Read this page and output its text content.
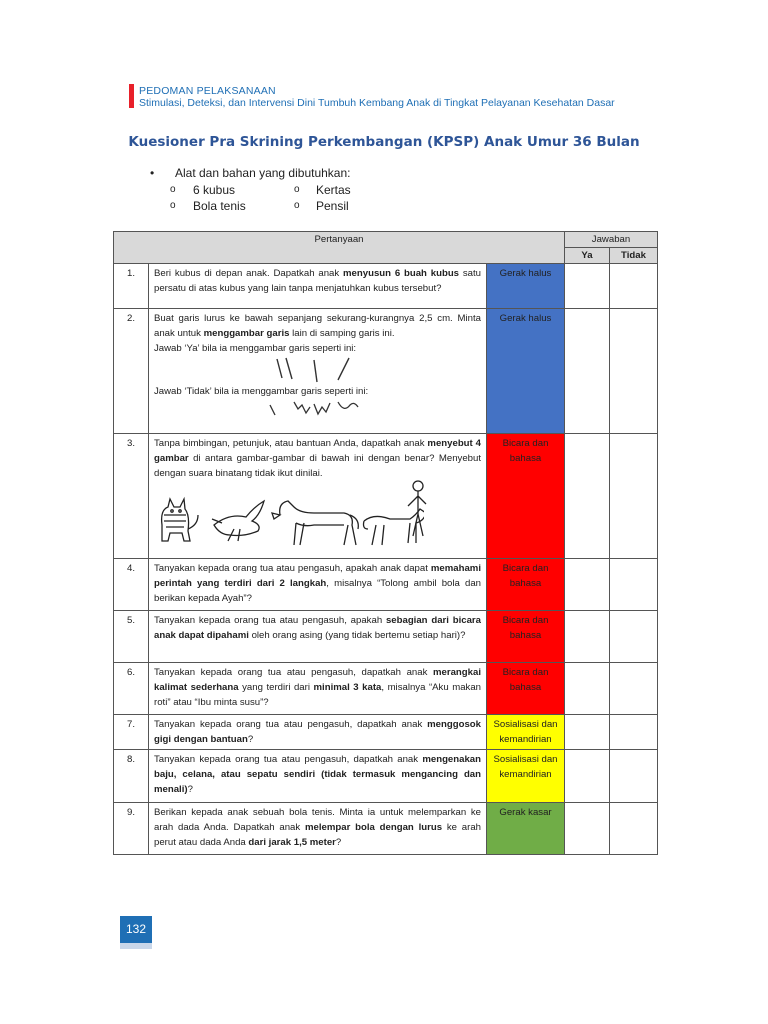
PEDOMAN PELAKSANAAN
Stimulasi, Deteksi, dan Intervensi Dini Tumbuh Kembang Anak di Tingkat Pelayanan Kesehatan Dasar
Kuesioner Pra Skrining Perkembangan (KPSP) Anak Umur 36 Bulan
• Alat dan bahan yang dibutuhkan:
o 6 kubus	o Kertas
o Bola tenis	o Pensil
Pertanyaan			Jawaban	
			Ya	Tidak
1.	Beri kubus di depan anak. Dapatkah anak menyusun 6 buah kubus satu persatu di atas kubus yang lain tanpa menjatuhkan kubus tersebut?	Gerak halus		
2.	Buat garis lurus ke bawah sepanjang sekurang-kurangnya 2,5 cm. Minta anak untuk menggambar garis lain di samping garis ini.
Jawab ‘Ya’ bila ia menggambar garis seperti ini:
Jawab ‘Tidak’ bila ia menggambar garis seperti ini:	Gerak halus		
3.	Tanpa bimbingan, petunjuk, atau bantuan Anda, dapatkah anak menyebut 4 gambar di antara gambar-gambar di bawah ini dengan benar? Menyebut dengan suara binatang tidak ikut dinilai.	Bicara dan bahasa		
4.	Tanyakan kepada orang tua atau pengasuh, apakah anak dapat memahami perintah yang terdiri dari 2 langkah, misalnya “Tolong ambil bola dan berikan kepada Ayah”?	Bicara dan bahasa		
5.	Tanyakan kepada orang tua atau pengasuh, apakah sebagian dari bicara anak dapat dipahami oleh orang asing (yang tidak bertemu setiap hari)?	Bicara dan bahasa		
6.	Tanyakan kepada orang tua atau pengasuh, dapatkah anak merangkai kalimat sederhana yang terdiri dari minimal 3 kata, misalnya “Aku makan roti” atau “Ibu minta susu”?	Bicara dan bahasa		
7.	Tanyakan kepada orang tua atau pengasuh, dapatkah anak menggosok gigi dengan bantuan?	Sosialisasi dan kemandirian		
8.	Tanyakan kepada orang tua atau pengasuh, dapatkah anak mengenakan baju, celana, atau sepatu sendiri (tidak termasuk mengancing dan menali)?	Sosialisasi dan kemandirian		
9.	Berikan kepada anak sebuah bola tenis. Minta ia untuk melemparkan ke arah dada Anda. Dapatkah anak melempar bola dengan lurus ke arah perut atau dada Anda dari jarak 1,5 meter?	Gerak kasar		
132
